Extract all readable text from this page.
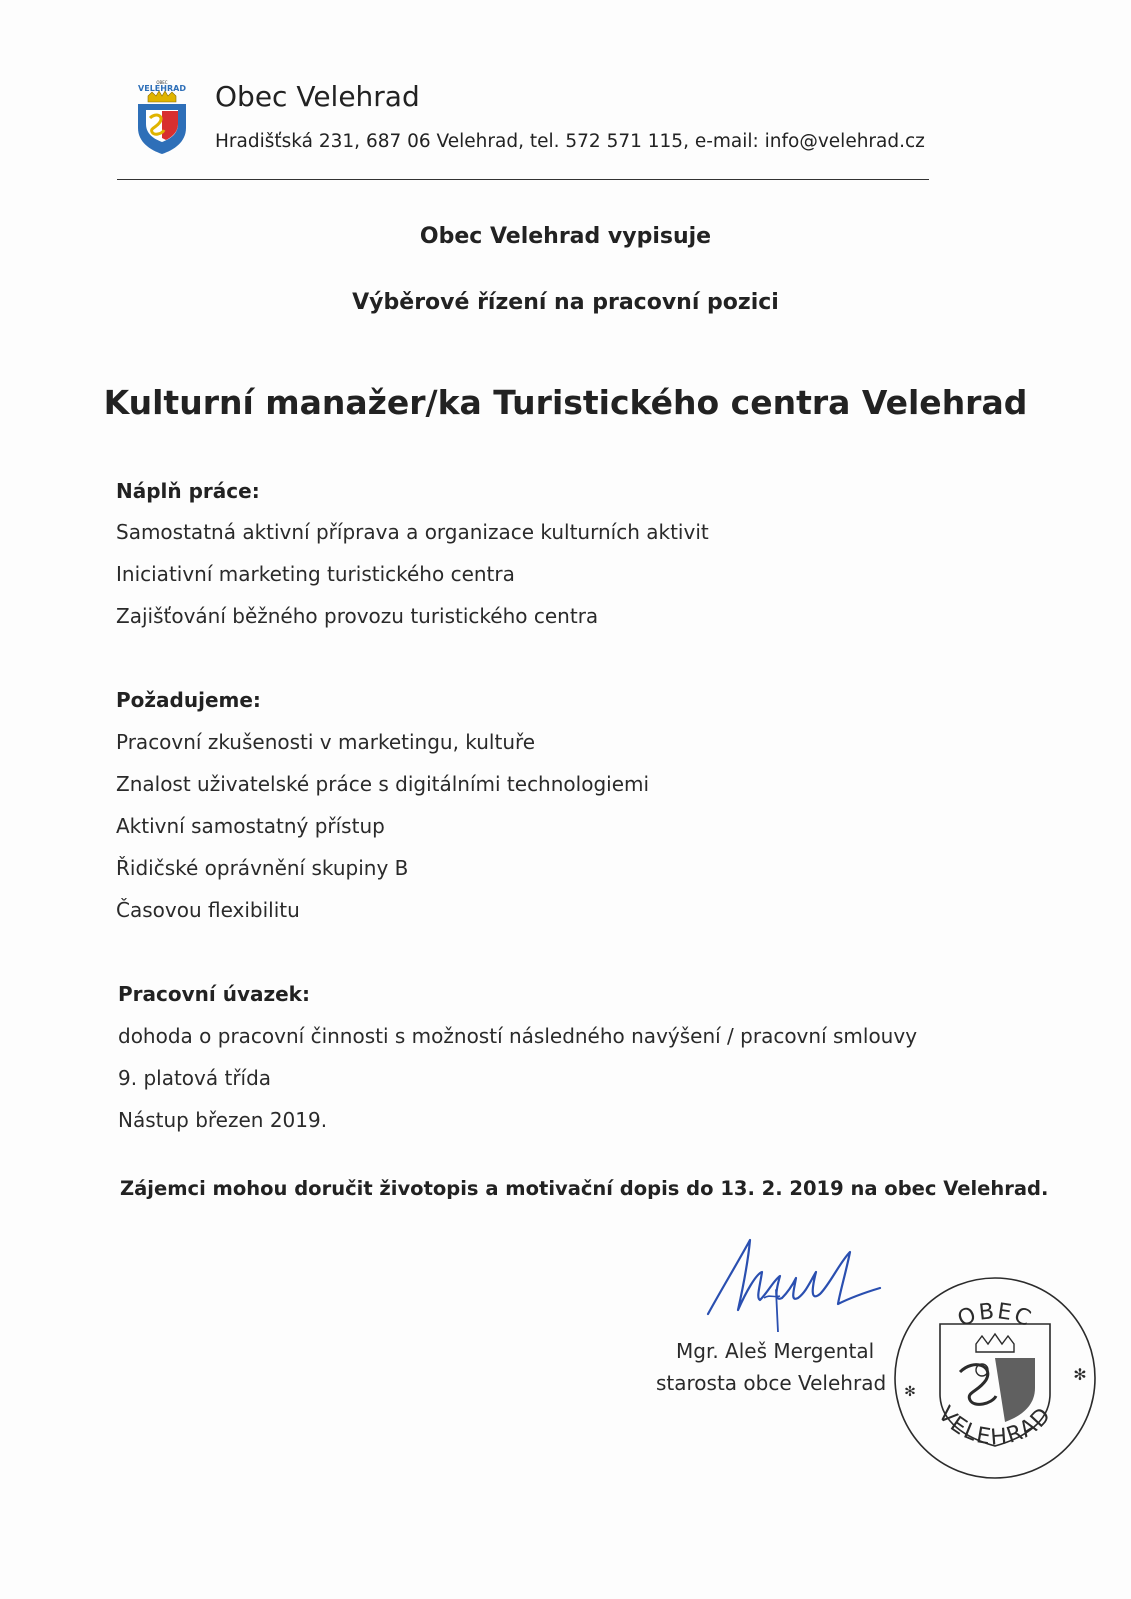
OBEC
VELEHRAD Obec Velehrad
Hradišťská 231, 687 06 Velehrad, tel. 572 571 115, e-mail: info@velehrad.cz
Obec Velehrad vypisuje
Výběrové řízení na pracovní pozici
Kulturní manažer/ka Turistického centra Velehrad
Náplň práce:
Samostatná aktivní příprava a organizace kulturních aktivit
Iniciativní marketing turistického centra
Zajišťování běžného provozu turistického centra
Požadujeme:
Pracovní zkušenosti v marketingu, kultuře
Znalost uživatelské práce s digitálními technologiemi
Aktivní samostatný přístup
Řidičské oprávnění skupiny B
Časovou flexibilitu
Pracovní úvazek:
dohoda o pracovní činnosti s možností následného navýšení / pracovní smlouvy
9. platová třída
Nástup březen 2019.
Zájemci mohou doručit životopis a motivační dopis do 13. 2. 2019 na obec Velehrad.
Mgr. Aleš Mergental
starosta obce Velehrad
OBEC
VELEHRAD
✻
✻
